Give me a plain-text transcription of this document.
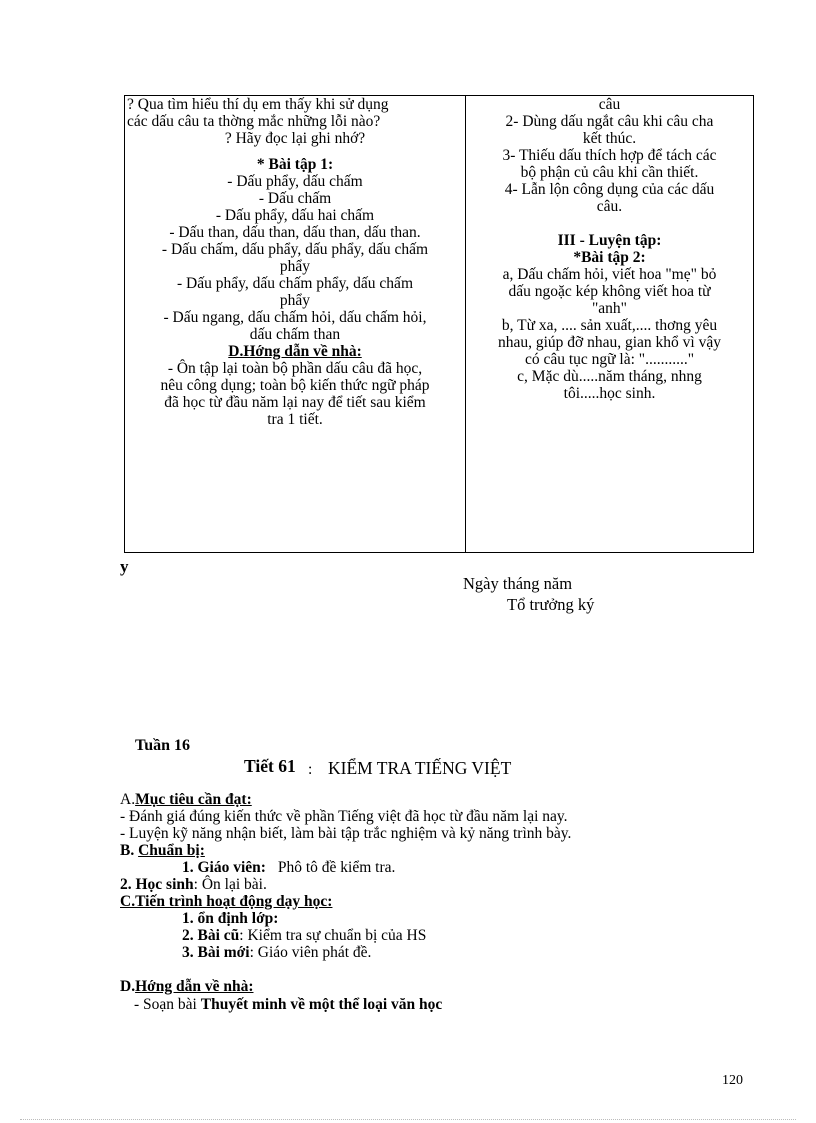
? Qua tìm hiểu thí dụ em thấy khi sử dụng
các dấu câu ta thờng mắc những lỗi nào?
? Hãy đọc lại ghi nhớ?
* Bài tập 1:
- Dấu phẩy, dấu chấm
- Dấu chấm
- Dấu phẩy, dấu hai chấm
- Dấu than, dấu than, dấu than, dấu than.
- Dấu chấm, dấu phẩy, dấu phẩy, dấu chấm
phẩy
- Dấu phẩy, dấu chấm phẩy, dấu chấm
phẩy
- Dấu ngang, dấu chấm hỏi, dấu chấm hỏi,
dấu chấm than
D.Hớng dẫn về nhà:
- Ôn tập lại toàn bộ phần dấu câu đã học,
nêu công dụng; toàn bộ kiến thức ngữ pháp
đã học từ đầu năm lại nay để tiết sau kiểm
tra 1 tiết.
câu
2- Dùng dấu ngắt câu khi câu cha
kết thúc.
3- Thiếu dấu thích hợp để tách các
bộ phận củ câu khi cần thiết.
4- Lẫn lộn công dụng của các dấu
câu.
III - Luyện tập:
*Bài tập 2:
a, Dấu chấm hỏi, viết hoa "mẹ" bỏ
dấu ngoặc kép không viết hoa từ
"anh"
b, Từ xa, .... sản xuất,.... thơng yêu
nhau, giúp đỡ nhau, gian khổ vì vậy
có câu tục ngữ là: "..........."
c, Mặc dù.....năm tháng, nhng
tôi.....học sinh.
y
Ngày tháng năm
Tổ trưởng ký
Tuần 16
Tiết 61 : KIỂM TRA TIẾNG VIỆT
A.Mục tiêu cần đạt:
- Đánh giá đúng kiến thức về phần Tiếng việt đã học từ đầu năm lại nay.
- Luyện kỹ năng nhận biết, làm bài tập trắc nghiệm và kỷ năng trình bày.
B. Chuẩn bị:
1. Giáo viên: Phô tô đề kiểm tra.
2. Học sinh: Ôn lại bài.
C.Tiến trình hoạt động dạy học:
1. ổn định lớp:
2. Bài cũ: Kiểm tra sự chuẩn bị của HS
3. Bài mới: Giáo viên phát đề.
D.Hớng dẫn về nhà:
- Soạn bài Thuyết minh về một thể loại văn học
120
